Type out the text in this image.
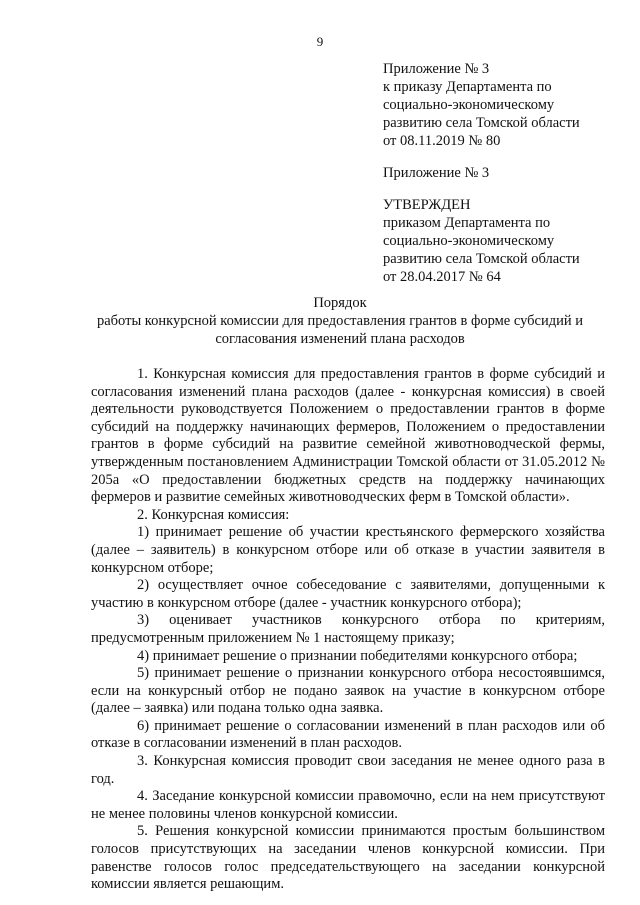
9
Приложение № 3
к приказу Департамента по
социально-экономическому
развитию села Томской области
от 08.11.2019 № 80
Приложение № 3
УТВЕРЖДЕН
приказом Департамента по
социально-экономическому
развитию села Томской области
от 28.04.2017 № 64
Порядок
работы конкурсной комиссии для предоставления грантов в форме субсидий и согласования изменений плана расходов

1. Конкурсная комиссия для предоставления грантов в форме субсидий и согласования изменений плана расходов (далее - конкурсная комиссия) в своей деятельности руководствуется Положением о предоставлении грантов в форме субсидий на поддержку начинающих фермеров, Положением о предоставлении грантов в форме субсидий на развитие семейной животноводческой фермы, утвержденным постановлением Администрации Томской области от 31.05.2012 № 205а «О предоставлении бюджетных средств на поддержку начинающих фермеров и развитие семейных животноводческих ферм в Томской области».

2. Конкурсная комиссия:

1) принимает решение об участии крестьянского фермерского хозяйства (далее – заявитель) в конкурсном отборе или об отказе в участии заявителя в конкурсном отборе;

2) осуществляет очное собеседование с заявителями, допущенными к участию в конкурсном отборе (далее - участник конкурсного отбора);

3) оценивает участников конкурсного отбора по критериям, предусмотренным приложением № 1 настоящему приказу;

4) принимает решение о признании победителями конкурсного отбора;

5) принимает решение о признании конкурсного отбора несостоявшимся, если на конкурсный отбор не подано заявок на участие в конкурсном отборе (далее – заявка) или подана только одна заявка.

6) принимает решение о согласовании изменений в план расходов или об отказе в согласовании изменений в план расходов.

3. Конкурсная комиссия проводит свои заседания не менее одного раза в год.

4. Заседание конкурсной комиссии правомочно, если на нем присутствуют не менее половины членов конкурсной комиссии.

5. Решения конкурсной комиссии принимаются простым большинством голосов присутствующих на заседании членов конкурсной комиссии. При равенстве голосов голос председательствующего на заседании конкурсной комиссии является решающим.
